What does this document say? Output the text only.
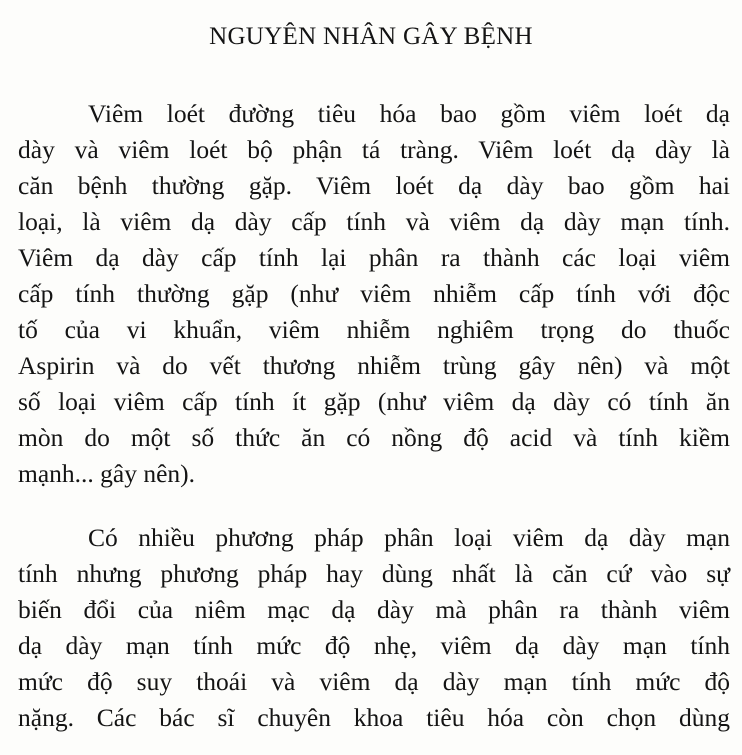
NGUYÊN NHÂN GÂY BỆNH
Viêm loét đường tiêu hóa bao gồm viêm loét dạ
dày và viêm loét bộ phận tá tràng. Viêm loét dạ dày là
căn bệnh thường gặp. Viêm loét dạ dày bao gồm hai
loại, là viêm dạ dày cấp tính và viêm dạ dày mạn tính.
Viêm dạ dày cấp tính lại phân ra thành các loại viêm
cấp tính thường gặp (như viêm nhiễm cấp tính với độc
tố của vi khuẩn, viêm nhiễm nghiêm trọng do thuốc
Aspirin và do vết thương nhiễm trùng gây nên) và một
số loại viêm cấp tính ít gặp (như viêm dạ dày có tính ăn
mòn do một số thức ăn có nồng độ acid và tính kiềm
mạnh... gây nên).
Có nhiều phương pháp phân loại viêm dạ dày mạn
tính nhưng phương pháp hay dùng nhất là căn cứ vào sự
biến đổi của niêm mạc dạ dày mà phân ra thành viêm
dạ dày mạn tính mức độ nhẹ, viêm dạ dày mạn tính
mức độ suy thoái và viêm dạ dày mạn tính mức độ
nặng. Các bác sĩ chuyên khoa tiêu hóa còn chọn dùng
